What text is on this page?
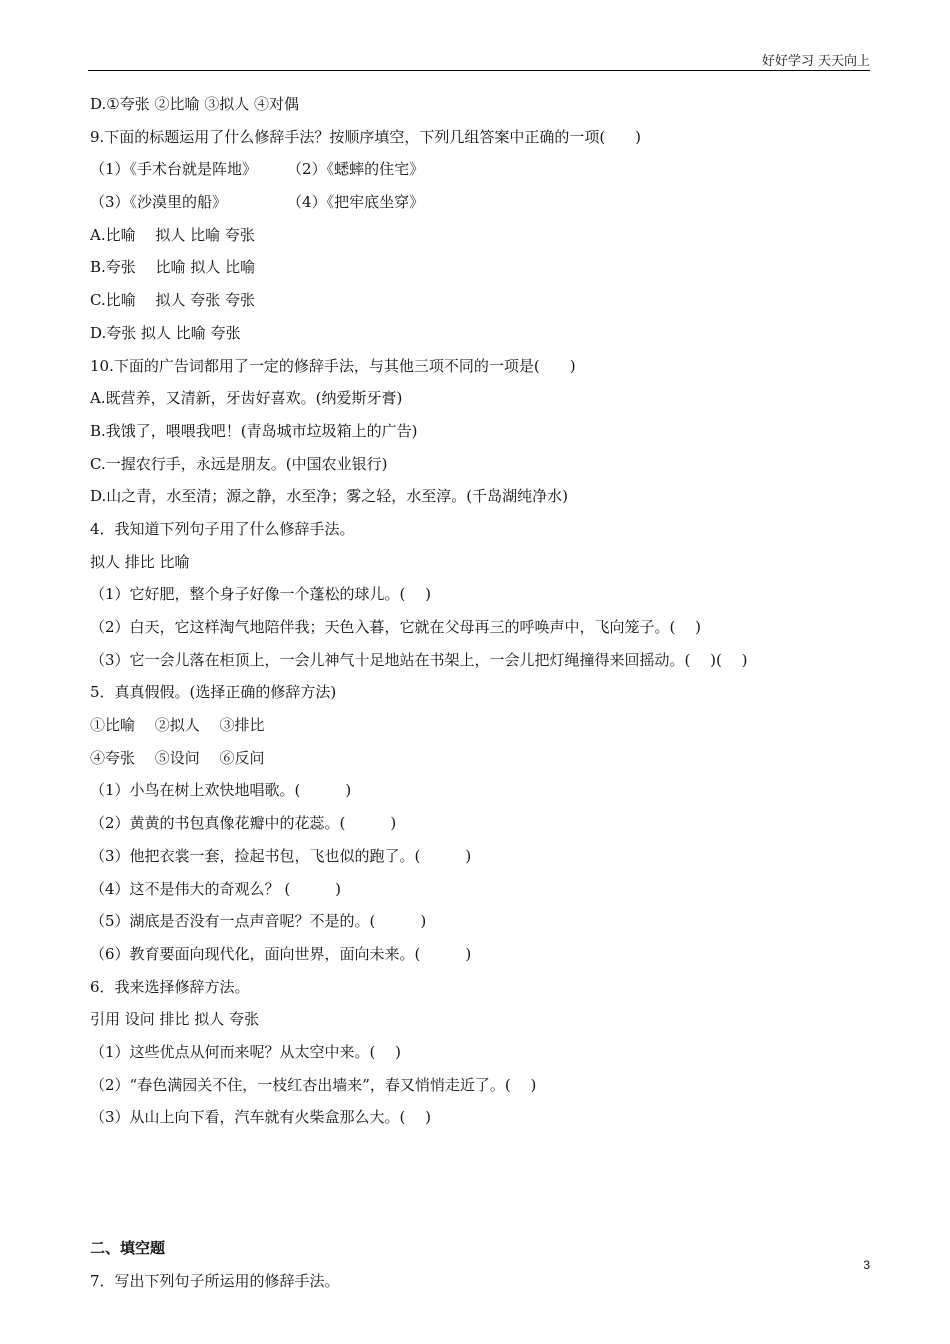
好好学习 天天向上
D.①夸张 ②比喻 ③拟人 ④对偶
9.下面的标题运用了什么修辞手法？按顺序填空，下列几组答案中正确的一项(　　)
（1）《手术台就是阵地》　　　（2）《蟋蟀的住宅》
（3）《沙漠里的船》　　　　　（4）《把牢底坐穿》
A.比喻　 拟人 比喻 夸张
B.夸张　 比喻 拟人 比喻
C.比喻　 拟人 夸张 夸张
D.夸张 拟人 比喻 夸张
10.下面的广告词都用了一定的修辞手法，与其他三项不同的一项是(　　)
A.既营养，又清新，牙齿好喜欢。(纳爱斯牙膏)
B.我饿了，喂喂我吧！(青岛城市垃圾箱上的广告)
C.一握农行手，永远是朋友。(中国农业银行)
D.山之青，水至清；源之静，水至净；雾之轻，水至淳。(千岛湖纯净水)
4．我知道下列句子用了什么修辞手法。
拟人 排比 比喻
（1）它好肥，整个身子好像一个蓬松的球儿。(　 )
（2）白天，它这样淘气地陪伴我；天色入暮，它就在父母再三的呼唤声中，飞向笼子。(　 )
（3）它一会儿落在柜顶上，一会儿神气十足地站在书架上，一会儿把灯绳撞得来回摇动。(　 )(　 )
5．真真假假。(选择正确的修辞方法)
①比喻　 ②拟人　 ③排比
④夸张　 ⑤设问　 ⑥反问
（1）小鸟在树上欢快地唱歌。(　　　)
（2）黄黄的书包真像花瓣中的花蕊。(　　　)
（3）他把衣裳一套，捡起书包，飞也似的跑了。(　　　)
（4）这不是伟大的奇观么？ (　　　)
（5）湖底是否没有一点声音呢？不是的。(　　　)
（6）教育要面向现代化，面向世界，面向未来。(　　　)
6．我来选择修辞方法。
引用 设问 排比 拟人 夸张
（1）这些优点从何而来呢？从太空中来。(　 )
（2）“春色满园关不住，一枝红杏出墙来”，春又悄悄走近了。(　 )
（3）从山上向下看，汽车就有火柴盒那么大。(　 )
二、填空题
7．写出下列句子所运用的修辞手法。
3
